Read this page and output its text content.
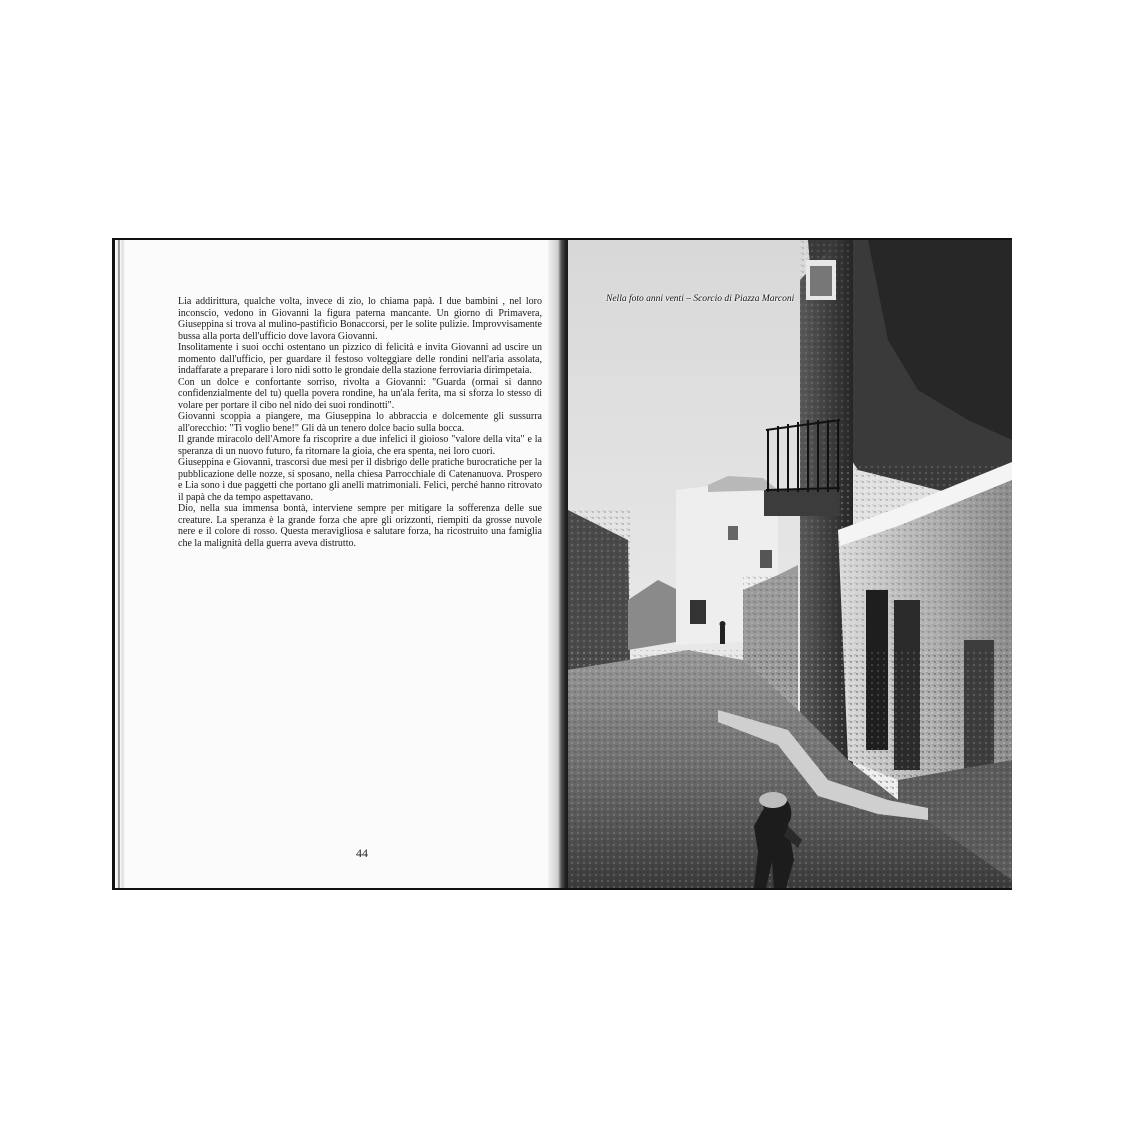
Lia addirittura, qualche volta, invece di zio, lo chiama papà. I due bambini , nel loro inconscio, vedono in Giovanni la figura paterna mancante. Un giorno di Primavera, Giuseppina si trova al mulino-pastificio Bonaccorsi, per le solite pulizie. Improvvisamente bussa alla porta dell'ufficio dove lavora Giovanni.

Insolitamente i suoi occhi ostentano un pizzico di felicità e invita Giovanni ad uscire un momento dall'ufficio, per guardare il festoso volteggiare delle rondini nell'aria assolata, indaffarate a preparare i loro nidi sotto le grondaie della stazione ferroviaria dirimpetaia.

Con un dolce e confortante sorriso, rivolta a Giovanni: "Guarda (ormai si danno confidenzialmente del tu) quella povera rondine, ha un'ala ferita, ma si sforza lo stesso di volare per portare il cibo nel nido dei suoi rondinotti".

Giovanni scoppia a piangere, ma Giuseppina lo abbraccia e dolcemente gli sussurra all'orecchio: "Ti voglio bene!" Gli dà un tenero dolce bacio sulla bocca.

Il grande miracolo dell'Amore fa riscoprire a due infelici il gioioso "valore della vita" e la speranza di un nuovo futuro, fa ritornare la gioia, che era spenta, nei loro cuori.

Giuseppina e Giovanni, trascorsi due mesi per il disbrigo delle pratiche burocratiche per la pubblicazione delle nozze, si sposano, nella chiesa Parrocchiale di Catenanuova. Prospero e Lia sono i due paggetti che portano gli anelli matrimoniali. Felici, perché hanno ritrovato il papà che da tempo aspettavano.

Dio, nella sua immensa bontà, interviene sempre per mitigare la sofferenza delle sue creature. La speranza è la grande forza che apre gli orizzonti, riempiti da grosse nuvole nere e il colore di rosso. Questa meravigliosa e salutare forza, ha ricostruito una famiglia che la malignità della guerra aveva distrutto.

44
Nella foto anni venti – Scorcio di Piazza Marconi
